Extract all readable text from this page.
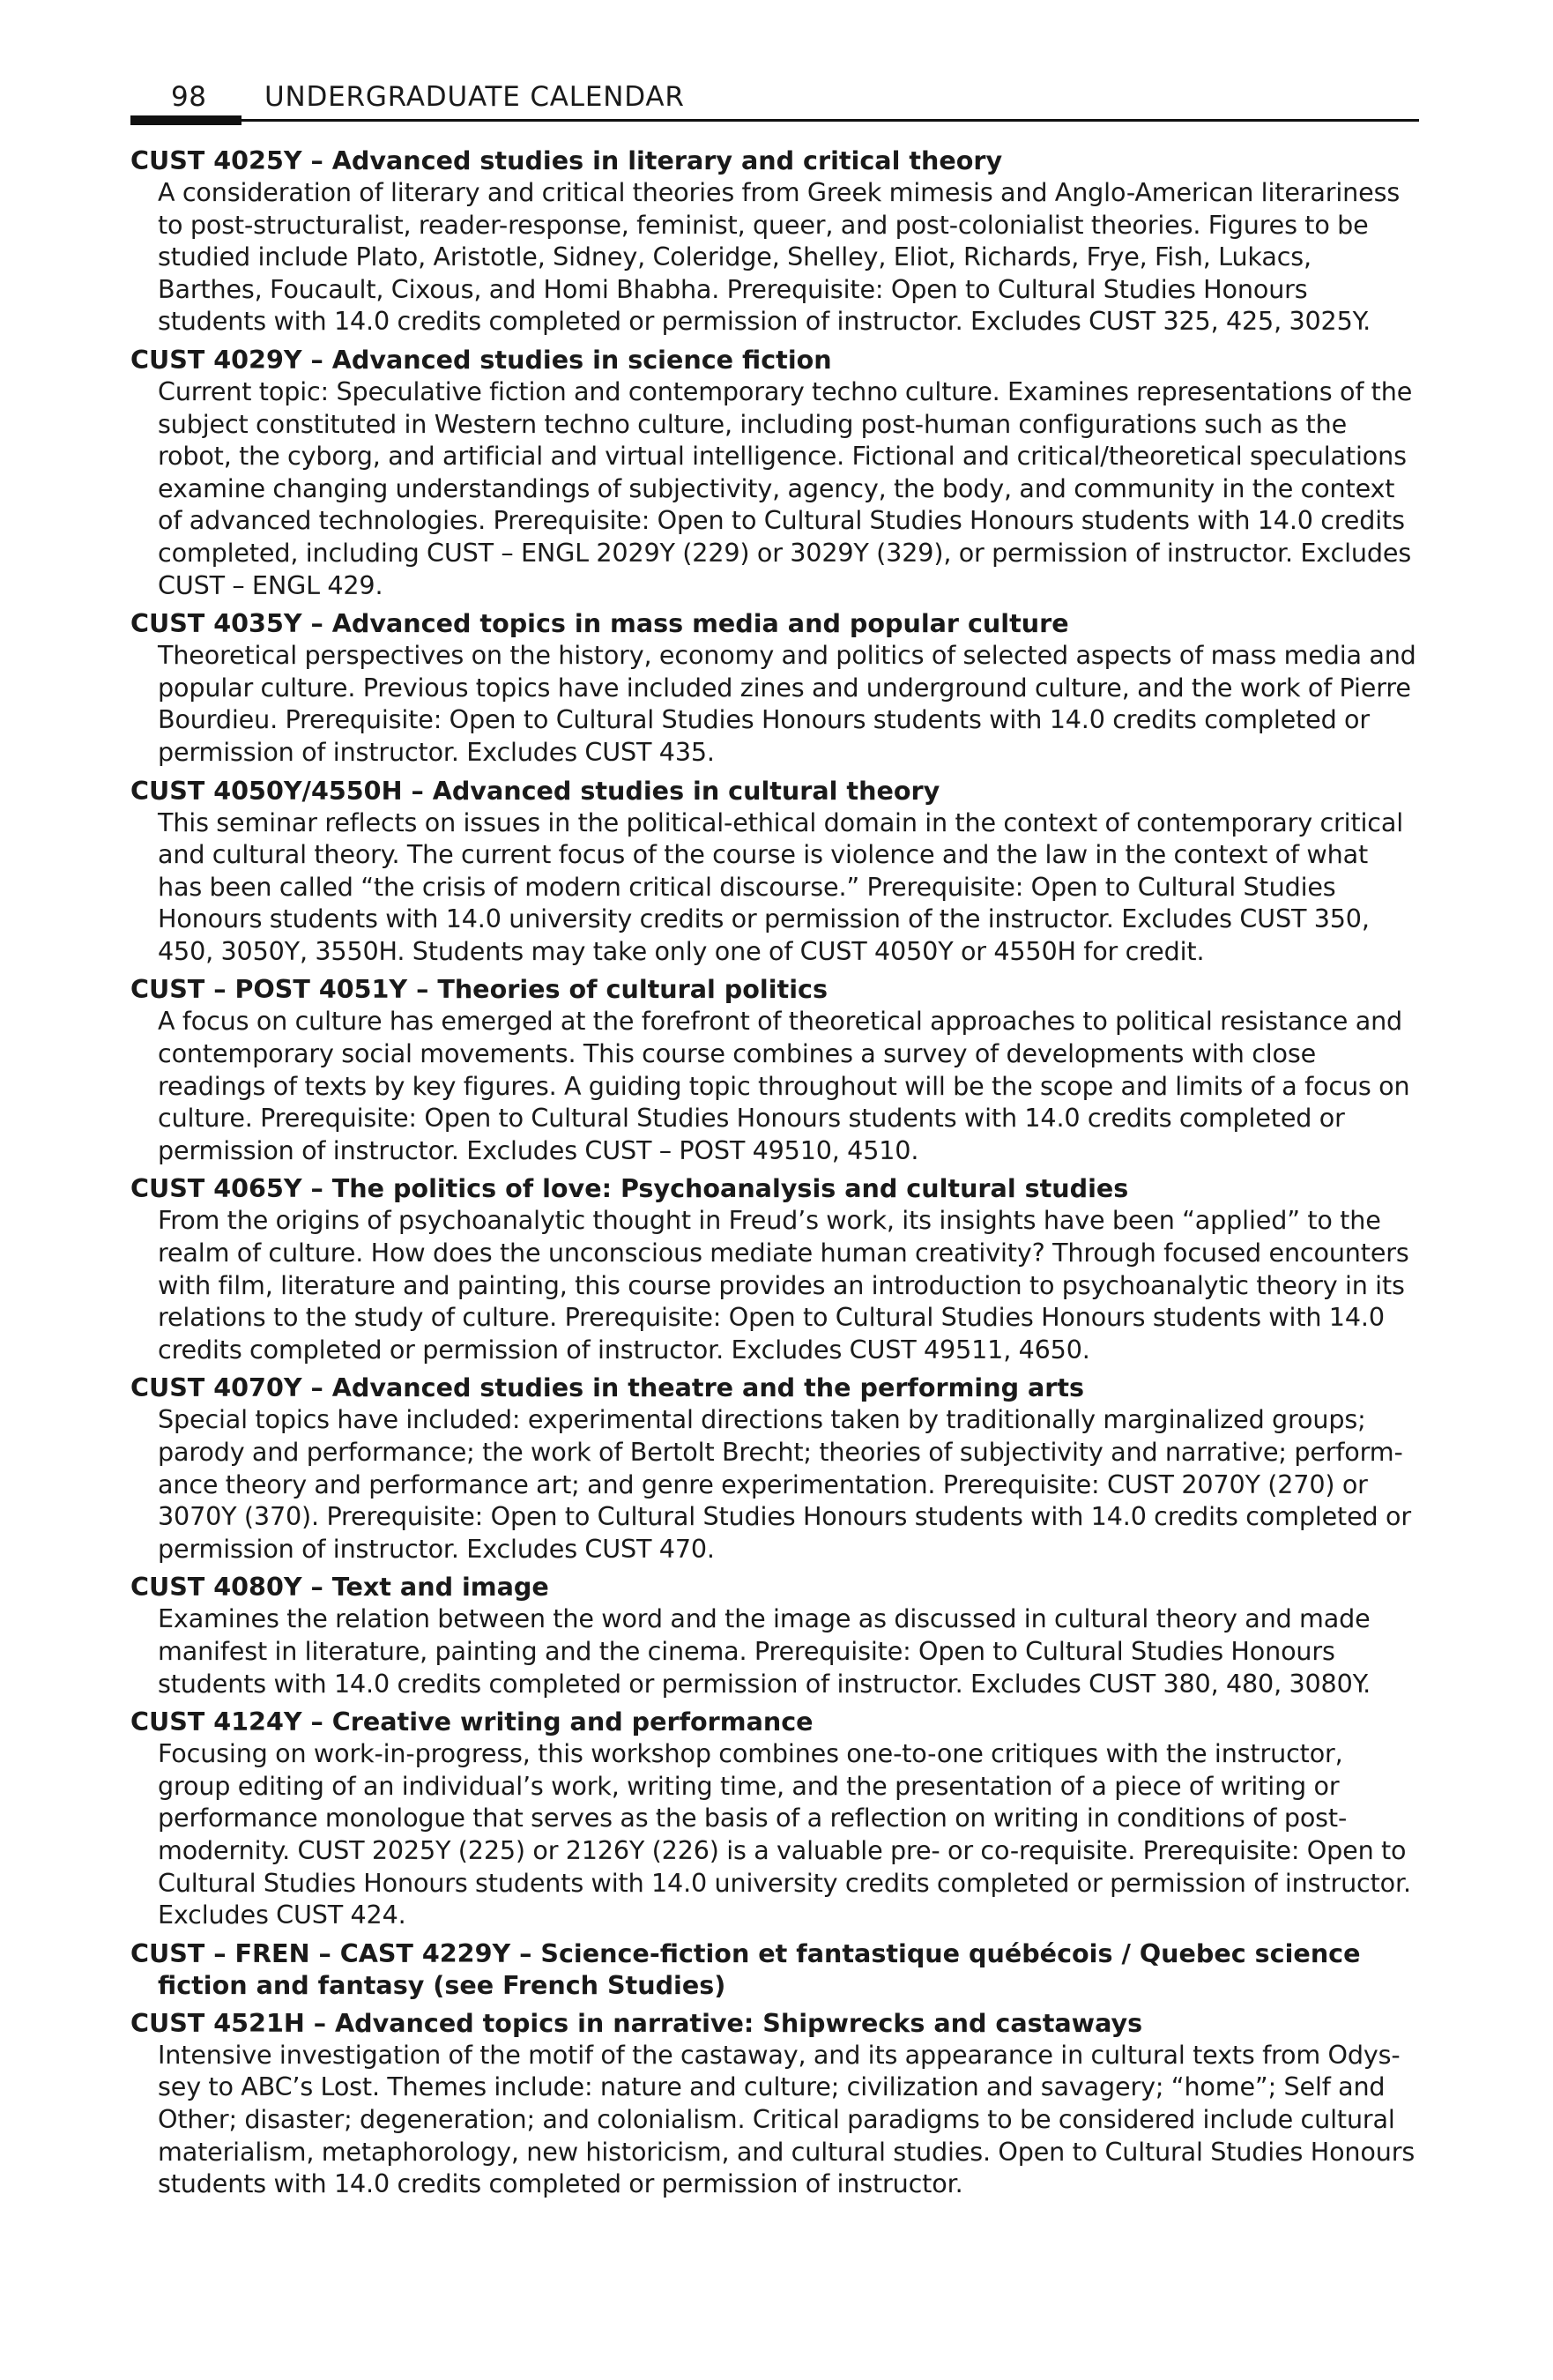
98 UNDERGRADUATE CALENDAR
CUST 4025Y – Advanced studies in literary and critical theory
A consideration of literary and critical theories from Greek mimesis and Anglo-American literariness to post-structuralist, reader-response, feminist, queer, and post-colonialist theories. Figures to be studied include Plato, Aristotle, Sidney, Coleridge, Shelley, Eliot, Richards, Frye, Fish, Lukacs, Barthes, Foucault, Cixous, and Homi Bhabha. Prerequisite: Open to Cultural Studies Honours students with 14.0 credits completed or permission of instructor. Excludes CUST 325, 425, 3025Y.
CUST 4029Y – Advanced studies in science fiction
Current topic: Speculative fiction and contemporary techno culture. Examines representations of the subject constituted in Western techno culture, including post-human configurations such as the robot, the cyborg, and artificial and virtual intelligence. Fictional and critical/theoretical speculations examine changing understandings of subjectivity, agency, the body, and community in the context of advanced technologies. Prerequisite: Open to Cultural Studies Honours students with 14.0 credits completed, including CUST – ENGL 2029Y (229) or 3029Y (329), or permission of instructor. Excludes CUST – ENGL 429.
CUST 4035Y – Advanced topics in mass media and popular culture
Theoretical perspectives on the history, economy and politics of selected aspects of mass media and popular culture. Previous topics have included zines and underground culture, and the work of Pierre Bourdieu. Prerequisite: Open to Cultural Studies Honours students with 14.0 credits completed or permission of instructor. Excludes CUST 435.
CUST 4050Y/4550H – Advanced studies in cultural theory
This seminar reflects on issues in the political-ethical domain in the context of contemporary critical and cultural theory. The current focus of the course is violence and the law in the context of what has been called “the crisis of modern critical discourse.” Prerequisite: Open to Cultural Studies Honours students with 14.0 university credits or permission of the instructor. Excludes CUST 350, 450, 3050Y, 3550H. Students may take only one of CUST 4050Y or 4550H for credit.
CUST – POST 4051Y – Theories of cultural politics
A focus on culture has emerged at the forefront of theoretical approaches to political resistance and contemporary social movements. This course combines a survey of developments with close readings of texts by key figures. A guiding topic throughout will be the scope and limits of a focus on culture. Prerequisite: Open to Cultural Studies Honours students with 14.0 credits completed or permission of instructor. Excludes CUST – POST 49510, 4510.
CUST 4065Y – The politics of love: Psychoanalysis and cultural studies
From the origins of psychoanalytic thought in Freud’s work, its insights have been “applied” to the realm of culture. How does the unconscious mediate human creativity? Through focused encounters with film, literature and painting, this course provides an introduction to psychoanalytic theory in its relations to the study of culture. Prerequisite: Open to Cultural Studies Honours students with 14.0 credits completed or permission of instructor. Excludes CUST 49511, 4650.
CUST 4070Y – Advanced studies in theatre and the performing arts
Special topics have included: experimental directions taken by traditionally marginalized groups; parody and performance; the work of Bertolt Brecht; theories of subjectivity and narrative; perform-ance theory and performance art; and genre experimentation. Prerequisite: CUST 2070Y (270) or 3070Y (370). Prerequisite: Open to Cultural Studies Honours students with 14.0 credits completed or permission of instructor. Excludes CUST 470.
CUST 4080Y – Text and image
Examines the relation between the word and the image as discussed in cultural theory and made manifest in literature, painting and the cinema. Prerequisite: Open to Cultural Studies Honours students with 14.0 credits completed or permission of instructor. Excludes CUST 380, 480, 3080Y.
CUST 4124Y – Creative writing and performance
Focusing on work-in-progress, this workshop combines one-to-one critiques with the instructor, group editing of an individual’s work, writing time, and the presentation of a piece of writing or performance monologue that serves as the basis of a reflection on writing in conditions of post-modernity. CUST 2025Y (225) or 2126Y (226) is a valuable pre- or co-requisite. Prerequisite: Open to Cultural Studies Honours students with 14.0 university credits completed or permission of instructor. Excludes CUST 424.
CUST – FREN – CAST 4229Y – Science-fiction et fantastique québécois / Quebec science fiction and fantasy (see French Studies)
CUST 4521H – Advanced topics in narrative: Shipwrecks and castaways
Intensive investigation of the motif of the castaway, and its appearance in cultural texts from Odys-sey to ABC’s Lost. Themes include: nature and culture; civilization and savagery; “home”; Self and Other; disaster; degeneration; and colonialism. Critical paradigms to be considered include cultural materialism, metaphorology, new historicism, and cultural studies. Open to Cultural Studies Honours students with 14.0 credits completed or permission of instructor.
